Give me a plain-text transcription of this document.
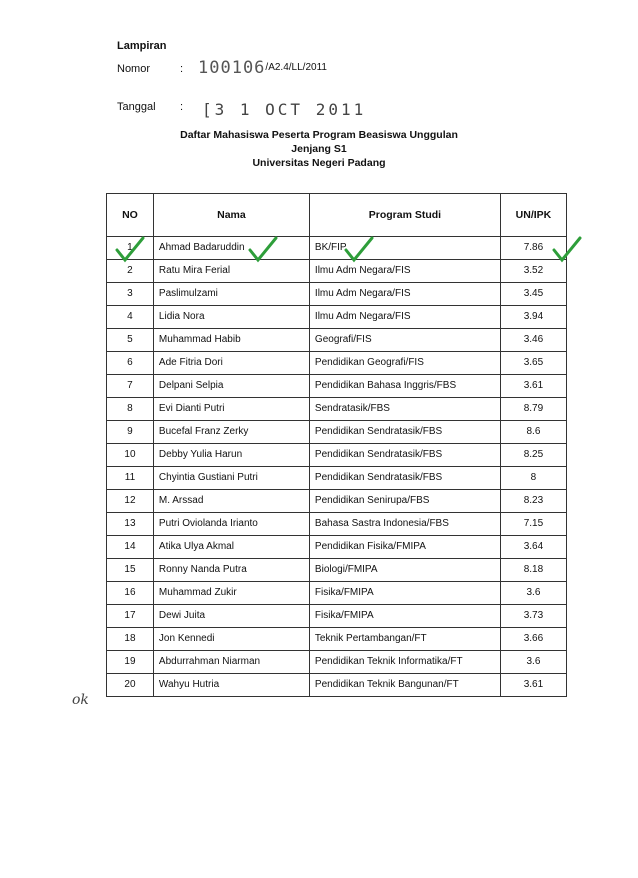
Lampiran
Nomor	: 100106/A2.4/LL/2011
Tanggal : [3 1 OCT 2011
Daftar Mahasiswa Peserta Program Beasiswa Unggulan
Jenjang S1
Universitas Negeri Padang
NO	Nama	Program Studi	UN/IPK
1	Ahmad Badaruddin	BK/FIP	7.86
2	Ratu Mira Ferial	Ilmu Adm Negara/FIS	3.52
3	Paslimulzami	Ilmu Adm Negara/FIS	3.45
4	Lidia Nora	Ilmu Adm Negara/FIS	3.94
5	Muhammad Habib	Geografi/FIS	3.46
6	Ade Fitria Dori	Pendidikan Geografi/FIS	3.65
7	Delpani Selpia	Pendidikan Bahasa Inggris/FBS	3.61
8	Evi Dianti Putri	Sendratasik/FBS	8.79
9	Bucefal Franz Zerky	Pendidikan Sendratasik/FBS	8.6
10	Debby Yulia Harun	Pendidikan Sendratasik/FBS	8.25
11	Chyintia Gustiani Putri	Pendidikan Sendratasik/FBS	8
12	M. Arssad	Pendidikan Senirupa/FBS	8.23
13	Putri Oviolanda Irianto	Bahasa Sastra Indonesia/FBS	7.15
14	Atika Ulya Akmal	Pendidikan Fisika/FMIPA	3.64
15	Ronny Nanda Putra	Biologi/FMIPA	8.18
16	Muhammad Zukir	Fisika/FMIPA	3.6
17	Dewi Juita	Fisika/FMIPA	3.73
18	Jon Kennedi	Teknik Pertambangan/FT	3.66
19	Abdurrahman Niarman	Pendidikan Teknik Informatika/FT	3.6
20	Wahyu Hutria	Pendidikan Teknik Bangunan/FT	3.61
ok
